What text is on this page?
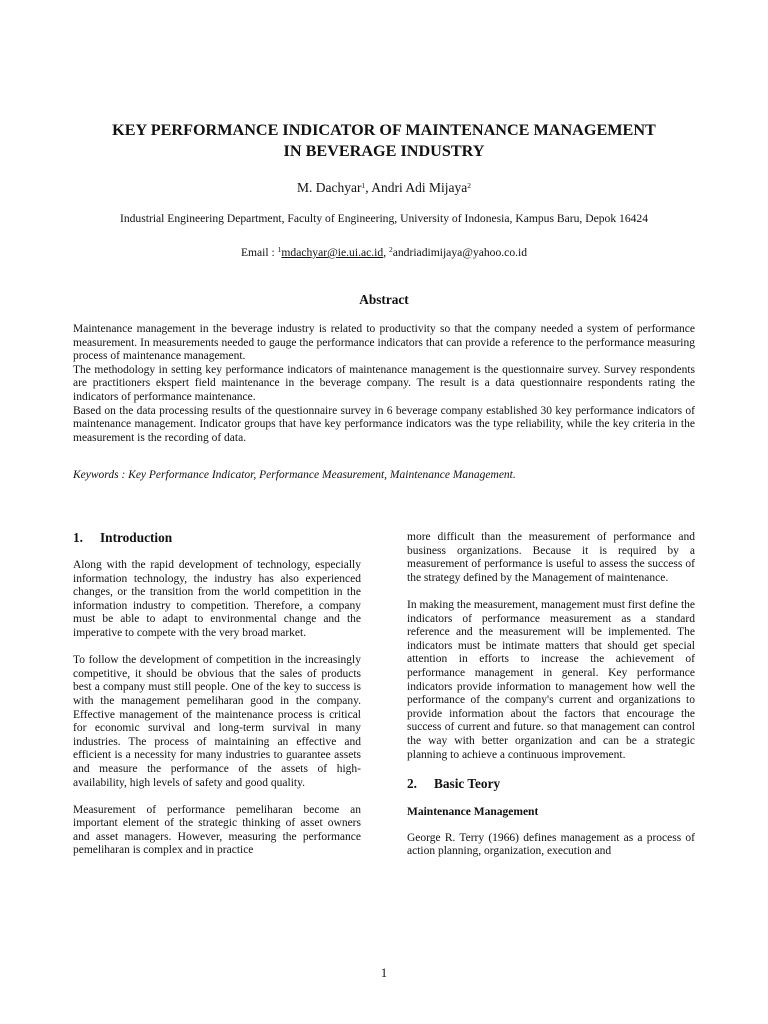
KEY PERFORMANCE INDICATOR OF MAINTENANCE MANAGEMENT
IN BEVERAGE INDUSTRY
M. Dachyar$^1$, Andri Adi Mijaya$^2$
Industrial Engineering Department, Faculty of Engineering, University of Indonesia, Kampus Baru, Depok 16424
Email : $^1$mdachyar@ie.ui.ac.id, $^2$andriadimijaya@yahoo.co.id
Abstract

Maintenance management in the beverage industry is related to productivity so that the company needed a system of performance measurement. In measurements needed to gauge the performance indicators that can provide a reference to the performance measuring process of maintenance management.

The methodology in setting key performance indicators of maintenance management is the questionnaire survey. Survey respondents are practitioners ekspert field maintenance in the beverage company. The result is a data questionnaire respondents rating the indicators of performance maintenance.

Based on the data processing results of the questionnaire survey in 6 beverage company established 30 key performance indicators of maintenance management. Indicator groups that have key performance indicators was the type reliability, while the key criteria in the measurement is the recording of data.

Keywords : Key Performance Indicator, Performance Measurement, Maintenance Management.
1. Introduction

Along with the rapid development of technology, especially information technology, the industry has also experienced changes, or the transition from the world competition in the information industry to competition. Therefore, a company must be able to adapt to environmental change and the imperative to compete with the very broad market.

To follow the development of competition in the increasingly competitive, it should be obvious that the sales of products best a company must still people. One of the key to success is with the management pemeliharan good in the company. Effective management of the maintenance process is critical for economic survival and long-term survival in many industries. The process of maintaining an effective and efficient is a necessity for many industries to guarantee assets and measure the performance of the assets of high-availability, high levels of safety and good quality.

Measurement of performance pemeliharan become an important element of the strategic thinking of asset owners and asset managers. However, measuring the performance pemeliharan is complex and in practice

more difficult than the measurement of performance and business organizations. Because it is required by a measurement of performance is useful to assess the success of the strategy defined by the Management of maintenance.

In making the measurement, management must first define the indicators of performance measurement as a standard reference and the measurement will be implemented. The indicators must be intimate matters that should get special attention in efforts to increase the achievement of performance management in general. Key performance indicators provide information to management how well the performance of the company's current and organizations to provide information about the factors that encourage the success of current and future. so that management can control the way with better organization and can be a strategic planning to achieve a continuous improvement.

2. Basic Teory
Maintenance Management

George R. Terry (1966) defines management as a process of action planning, organization, execution and

1
